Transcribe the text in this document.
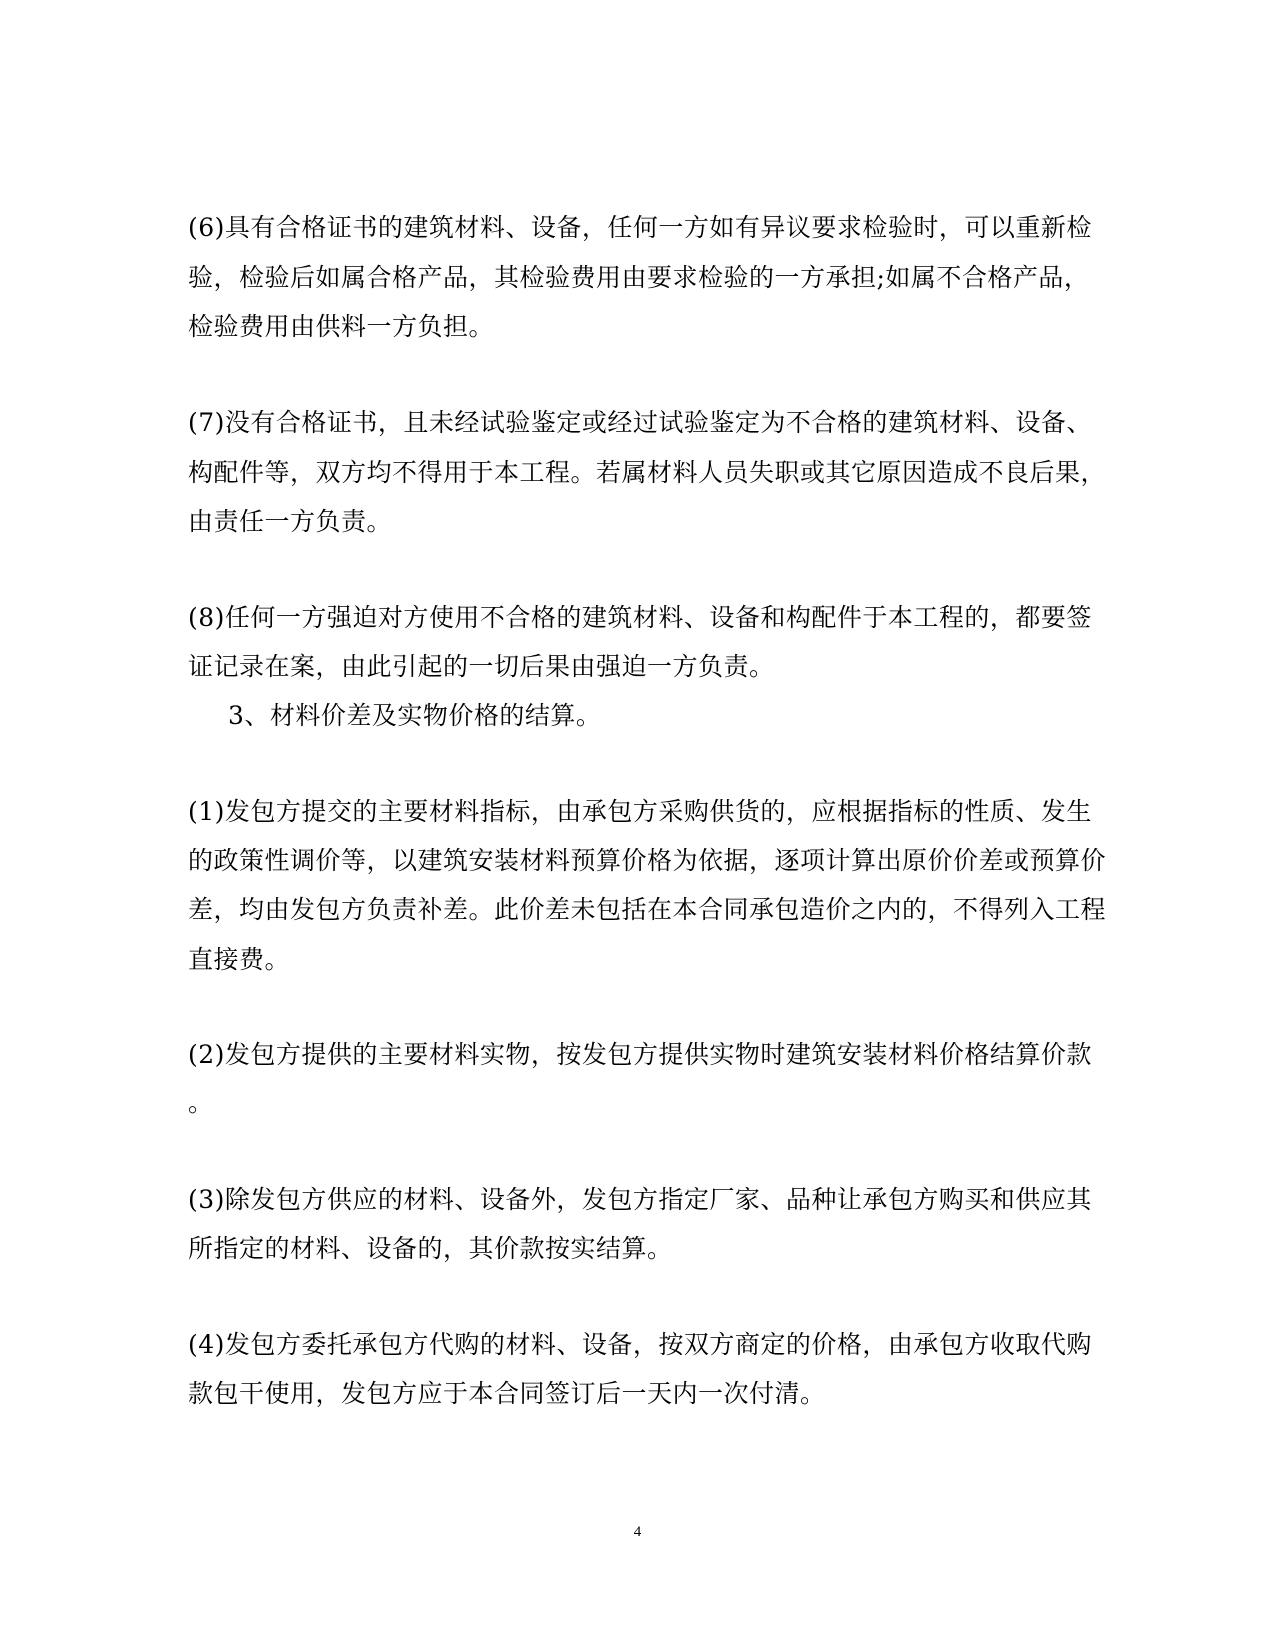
(6)具有合格证书的建筑材料、设备，任何一方如有异议要求检验时，可以重新检
验，检验后如属合格产品，其检验费用由要求检验的一方承担;如属不合格产品，
检验费用由供料一方负担。
(7)没有合格证书，且未经试验鉴定或经过试验鉴定为不合格的建筑材料、设备、
构配件等，双方均不得用于本工程。若属材料人员失职或其它原因造成不良后果，
由责任一方负责。
(8)任何一方强迫对方使用不合格的建筑材料、设备和构配件于本工程的，都要签
证记录在案，由此引起的一切后果由强迫一方负责。
3、材料价差及实物价格的结算。
(1)发包方提交的主要材料指标，由承包方采购供货的，应根据指标的性质、发生
的政策性调价等，以建筑安装材料预算价格为依据，逐项计算出原价价差或预算价
差，均由发包方负责补差。此价差未包括在本合同承包造价之内的，不得列入工程
直接费。
(2)发包方提供的主要材料实物，按发包方提供实物时建筑安装材料价格结算价款
。
(3)除发包方供应的材料、设备外，发包方指定厂家、品种让承包方购买和供应其
所指定的材料、设备的，其价款按实结算。
(4)发包方委托承包方代购的材料、设备，按双方商定的价格，由承包方收取代购
款包干使用，发包方应于本合同签订后一天内一次付清。
4
